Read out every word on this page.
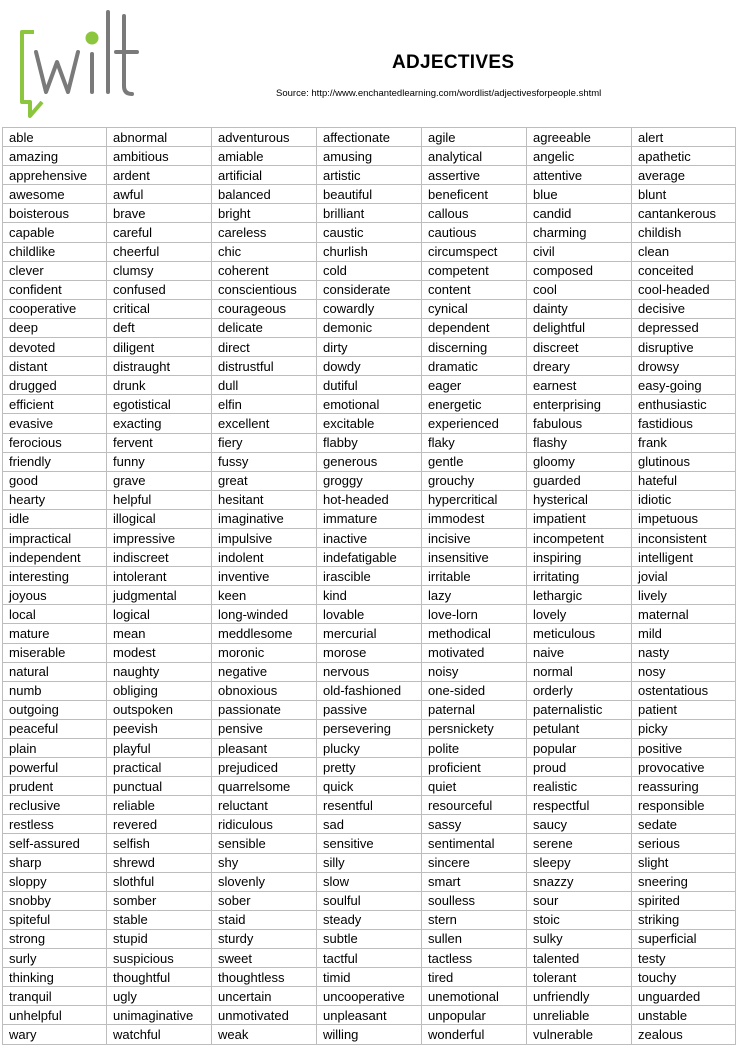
ADJECTIVES
Source: http://www.enchantedlearning.com/wordlist/adjectivesforpeople.shtml
able	abnormal	adventurous	affectionate	agile	agreeable	alert
amazing	ambitious	amiable	amusing	analytical	angelic	apathetic
apprehensive	ardent	artificial	artistic	assertive	attentive	average
awesome	awful	balanced	beautiful	beneficent	blue	blunt
boisterous	brave	bright	brilliant	callous	candid	cantankerous
capable	careful	careless	caustic	cautious	charming	childish
childlike	cheerful	chic	churlish	circumspect	civil	clean
clever	clumsy	coherent	cold	competent	composed	conceited
confident	confused	conscientious	considerate	content	cool	cool-headed
cooperative	critical	courageous	cowardly	cynical	dainty	decisive
deep	deft	delicate	demonic	dependent	delightful	depressed
devoted	diligent	direct	dirty	discerning	discreet	disruptive
distant	distraught	distrustful	dowdy	dramatic	dreary	drowsy
drugged	drunk	dull	dutiful	eager	earnest	easy-going
efficient	egotistical	elfin	emotional	energetic	enterprising	enthusiastic
evasive	exacting	excellent	excitable	experienced	fabulous	fastidious
ferocious	fervent	fiery	flabby	flaky	flashy	frank
friendly	funny	fussy	generous	gentle	gloomy	glutinous
good	grave	great	groggy	grouchy	guarded	hateful
hearty	helpful	hesitant	hot-headed	hypercritical	hysterical	idiotic
idle	illogical	imaginative	immature	immodest	impatient	impetuous
impractical	impressive	impulsive	inactive	incisive	incompetent	inconsistent
independent	indiscreet	indolent	indefatigable	insensitive	inspiring	intelligent
interesting	intolerant	inventive	irascible	irritable	irritating	jovial
joyous	judgmental	keen	kind	lazy	lethargic	lively
local	logical	long-winded	lovable	love-lorn	lovely	maternal
mature	mean	meddlesome	mercurial	methodical	meticulous	mild
miserable	modest	moronic	morose	motivated	naive	nasty
natural	naughty	negative	nervous	noisy	normal	nosy
numb	obliging	obnoxious	old-fashioned	one-sided	orderly	ostentatious
outgoing	outspoken	passionate	passive	paternal	paternalistic	patient
peaceful	peevish	pensive	persevering	persnickety	petulant	picky
plain	playful	pleasant	plucky	polite	popular	positive
powerful	practical	prejudiced	pretty	proficient	proud	provocative
prudent	punctual	quarrelsome	quick	quiet	realistic	reassuring
reclusive	reliable	reluctant	resentful	resourceful	respectful	responsible
restless	revered	ridiculous	sad	sassy	saucy	sedate
self-assured	selfish	sensible	sensitive	sentimental	serene	serious
sharp	shrewd	shy	silly	sincere	sleepy	slight
sloppy	slothful	slovenly	slow	smart	snazzy	sneering
snobby	somber	sober	soulful	soulless	sour	spirited
spiteful	stable	staid	steady	stern	stoic	striking
strong	stupid	sturdy	subtle	sullen	sulky	superficial
surly	suspicious	sweet	tactful	tactless	talented	testy
thinking	thoughtful	thoughtless	timid	tired	tolerant	touchy
tranquil	ugly	uncertain	uncooperative	unemotional	unfriendly	unguarded
unhelpful	unimaginative	unmotivated	unpleasant	unpopular	unreliable	unstable
wary	watchful	weak	willing	wonderful	vulnerable	zealous
